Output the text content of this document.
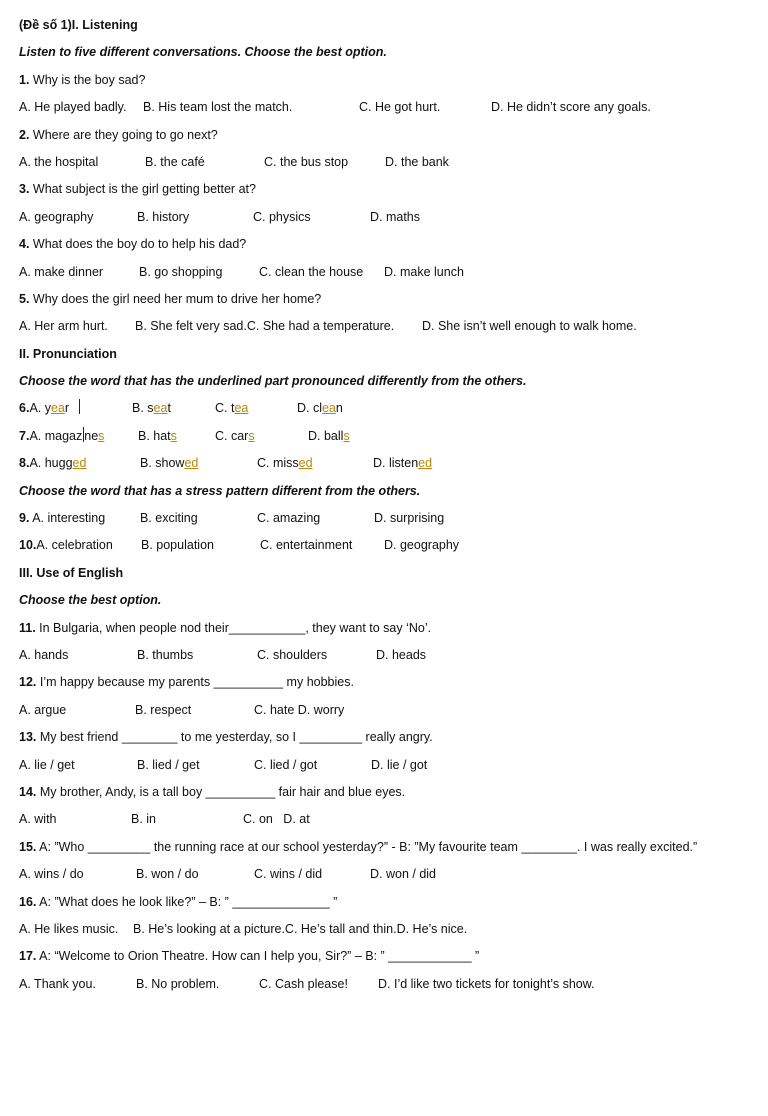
(Đề số 1)I. Listening
Listen to five different conversations. Choose the best option.
1. Why is the boy sad?

A. He played badly.

B. His team lost the match.

	C. He got hurt.

	D. He didn’t score any goals.

2. Where are they going to go next?

A. the hospital

	B. the café

	C. the bus stop

	D. the bank

3. What subject is the girl getting better at?

A. geography

	B. history

	C. physics

	D. maths

4. What does the boy do to help his dad?

A. make dinner

	B. go shopping

	C. clean the house

D. make lunch

5. Why does the girl need her mum to drive her home?

A. Her arm hurt.

B. She felt very sad.C. She had a temperature.

D. She isn’t well enough to walk home.

II. Pronunciation
Choose the word that has the underlined part pronounced differently from the others.

6.A. year

	B. seat

	C. tea

	D. clean

7.A. magaz nes

	B. hats

	C. cars

	D. balls

8.A. hugged

	B. showed

	C. missed

	D. listened

Choose the word that has a stress pattern different from the others.

9. A. interesting

	B. exciting

	C. amazing

	D. surprising

10.A. celebration

B. population

	C. entertainment

	D. geography

III. Use of English
Choose the best option.
11. In Bulgaria, when people nod their___________, they want to say ‘No’.

A. hands

	B. thumbs

	C. shoulders

	D. heads

12. I’m happy because my parents __________ my hobbies.

A. argue

	B. respect

	C. hate D. worry

13. My best friend ________ to me yesterday, so I _________ really angry.

A. lie / get

	B. lied / get

	C. lied / got

	D. lie / got

14. My brother, Andy, is a tall boy __________ fair hair and blue eyes.

A. with

	B. in

	C. on   D. at

15. A: ”Who _________ the running race at our school yesterday?” - B: ”My favourite team ________. I was really excited.”

A. wins / do

	B. won / do

	C. wins / did

	D. won / did

16. A: ”What does he look like?” – B: ” ______________ ”

A. He likes music.

B. He’s looking at a picture.C. He’s tall and thin.D. He’s nice.

17. A: “Welcome to Orion Theatre. How can I help you, Sir?” – B: ” ____________ ”

A. Thank you.

	B. No problem.

	C. Cash please!

D. I’d like two tickets for tonight’s show.
